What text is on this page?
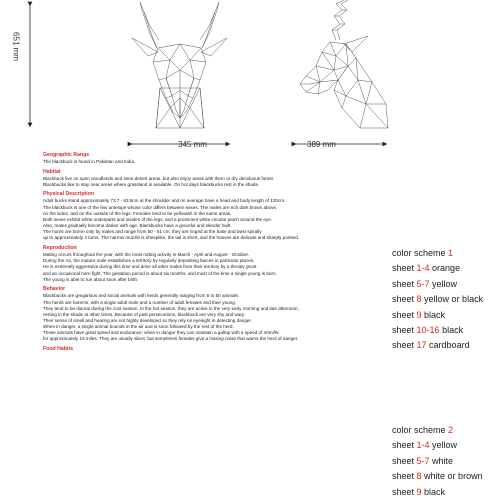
651 mm
345 mm	389 mm
Geographic Range
The blackbuck is found in Pakistan and India.
Habitat
Blackbuck live on open woodlands and semi-desert areas, but also enjoy areas with them or dry deciduous forest.
Blackbucks like to stay near areas where grassland is available. On hot days blackbucks rest in the shade.
Physical Description
Adult bucks stand approximately 73.7 - 83.8cm at the shoulder and on average have a head and body length of 120cm.
The blackbuck is one of the few antelope whose color differs between sexes. The males are rich dark brown above,
on the sides, and on the outside of the legs. Females tend to be yellowish in the same areas.
Both sexes exhibit white underparts and insides of the legs, and a prominent white circular patch around the eye.
Also, males gradually become darker with age. Blackbucks have a graceful and slender built.
The horns are borne only by males and range from 50 - 61 cm; they are ringed at the base and twist spirally
up to approximately 4 turns. The narrow muzzle is sheeplike, the tail is short, and the hooves are delicate and sharply pointed.
Reproduction
Mating occurs throughout the year, with the most rutting activity in March - April and August - October.
During the rut, the mature male establishes a territory by regularly depositing faeces in particular places.
He is extremely aggressive during this time and drive all other males from their territory by a throaty grunt
and an occasional horn fight. The gestation period is about six months, and most of the time a single young is born.
The young is able to run about soon after birth.
Behavior
Blackbucks are gregarious and social animals with herds generally ranging from 5 to 50 animals.
The herds are harems, with a single adult male and a number of adult females and their young.
They tend to be diurnal during the cool season. In the hot season, they are active in the very early morning and late afternoon,
resting in the shade at other times. Because of past persecutions, blackbuck are very shy and wary.
Their sense of smell and hearing are not highly developed so they rely on eyesight in detecting danger.
When in danger, a single animal bounds in the air and is soon followed by the rest of the herd.
These animals have great speed and endurance; when in danger they can maintain a gallop with a speed of 40mi/hr
for approximately 15 miles. They are usually silent, but sometimes females give a hissing noise that warns the herd of danger.
Food Habits
color scheme 1
sheet 1-4 orange
sheet 5-7 yellow
sheet 8 yellow or black
sheet 9 black
sheet 10-16 black
sheet 17 cardboard
color scheme 2
sheet 1-4 yellow
sheet 5-7 white
sheet 8 white or brown
sheet 9 black
